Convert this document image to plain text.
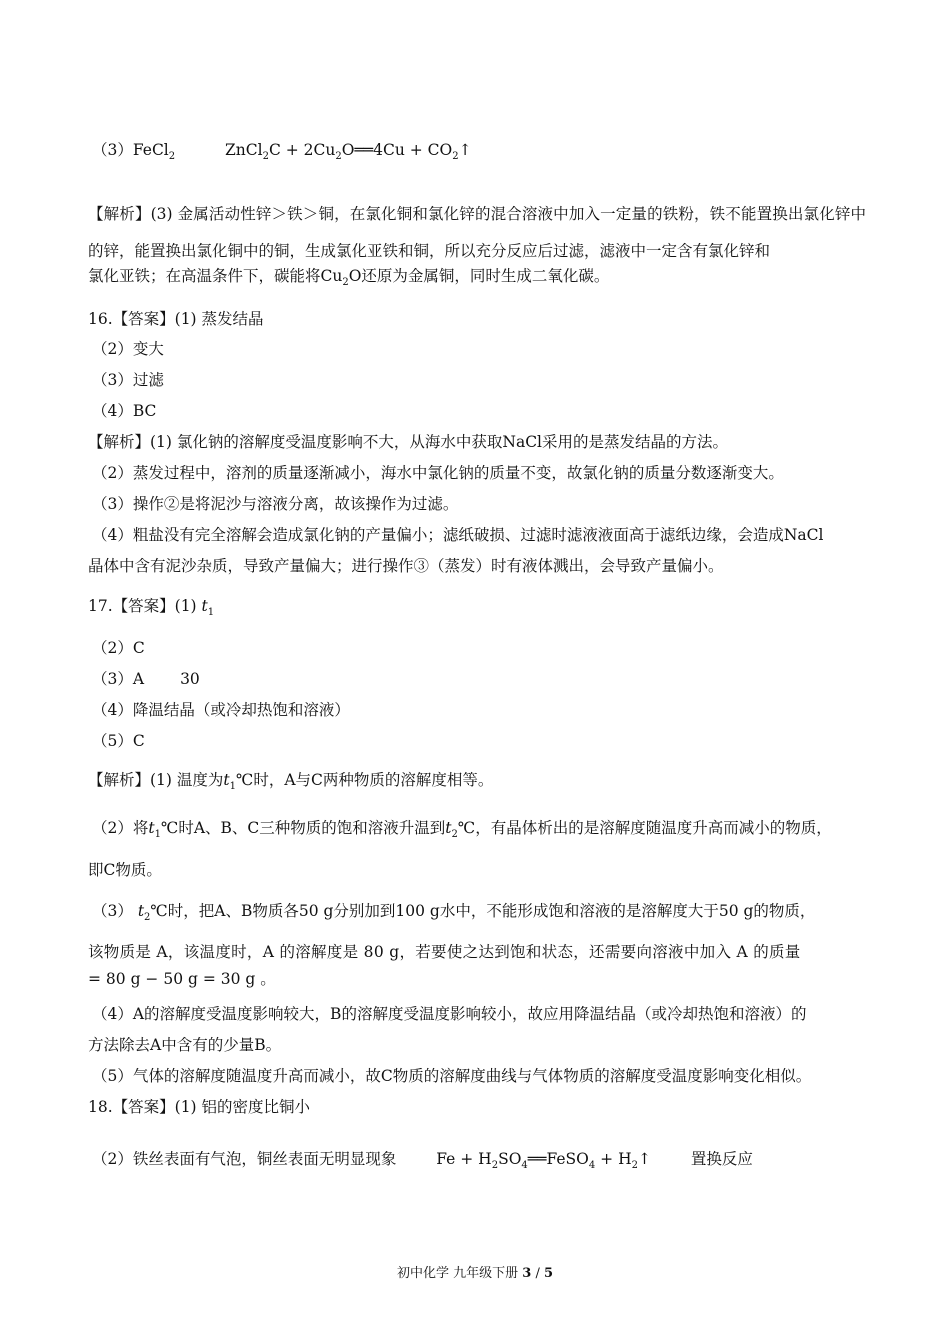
（3）FeCl$_2$	ZnCl$_2$C + $2Cu_2O══4Cu$ + $CO_2↑$
【解析】(3) 金属活动性锌＞铁＞铜，在氯化铜和氯化锌的混合溶液中加入一定量的铁粉，铁不能置换出氯化锌中的锌，能置换出氯化铜中的铜，生成氯化亚铁和铜，所以充分反应后过滤，滤液中一定含有氯化锌和
氯化亚铁；在高温条件下，碳能将$Cu_2O$还原为金属铜，同时生成二氧化碳。
16.【答案】(1) 蒸发结晶
（2）变大
（3）过滤
（4）BC
【解析】(1) 氯化钠的溶解度受温度影响不大，从海水中获取NaCl采用的是蒸发结晶的方法。
（2）蒸发过程中，溶剂的质量逐渐减小，海水中氯化钠的质量不变，故氯化钠的质量分数逐渐变大。
（3）操作②是将泥沙与溶液分离，故该操作为过滤。
（4）粗盐没有完全溶解会造成氯化钠的产量偏小；滤纸破损、过滤时滤液液面高于滤纸边缘，会造成NaCl
晶体中含有泥沙杂质，导致产量偏大；进行操作③（蒸发）时有液体溅出，会导致产量偏小。
17.【答案】(1) $t_1$
（2）C
（3）A 30
（4）降温结晶（或冷却热饱和溶液）
（5）C
【解析】(1) 温度为$t_1℃$时，A与C两种物质的溶解度相等。
（2）将$t_1℃$时A、B、C三种物质的饱和溶液升温到$t_2℃$，有晶体析出的是溶解度随温度升高而减小的物质，
即C物质。
（3） $t_2℃$时，把A、B物质各50 g分别加到100 g水中，不能形成饱和溶液的是溶解度大于50 g的物质，
该物质是 A，该温度时，A 的溶解度是 80 g，若要使之达到饱和状态，还需要向溶液中加入 A 的质量
= 80 g − 50 g = 30 g 。
（4）A的溶解度受温度影响较大，B的溶解度受温度影响较小，故应用降温结晶（或冷却热饱和溶液）的
方法除去A中含有的少量B。
（5）气体的溶解度随温度升高而减小，故C物质的溶解度曲线与气体物质的溶解度受温度影响变化相似。
18.【答案】(1) 铝的密度比铜小
（2）铁丝表面有气泡，铜丝表面无明显现象	$Fe + H_2SO_4══FeSO_4$ + $H_2↑$	置换反应
初中化学 九年级下册 3 / 5
